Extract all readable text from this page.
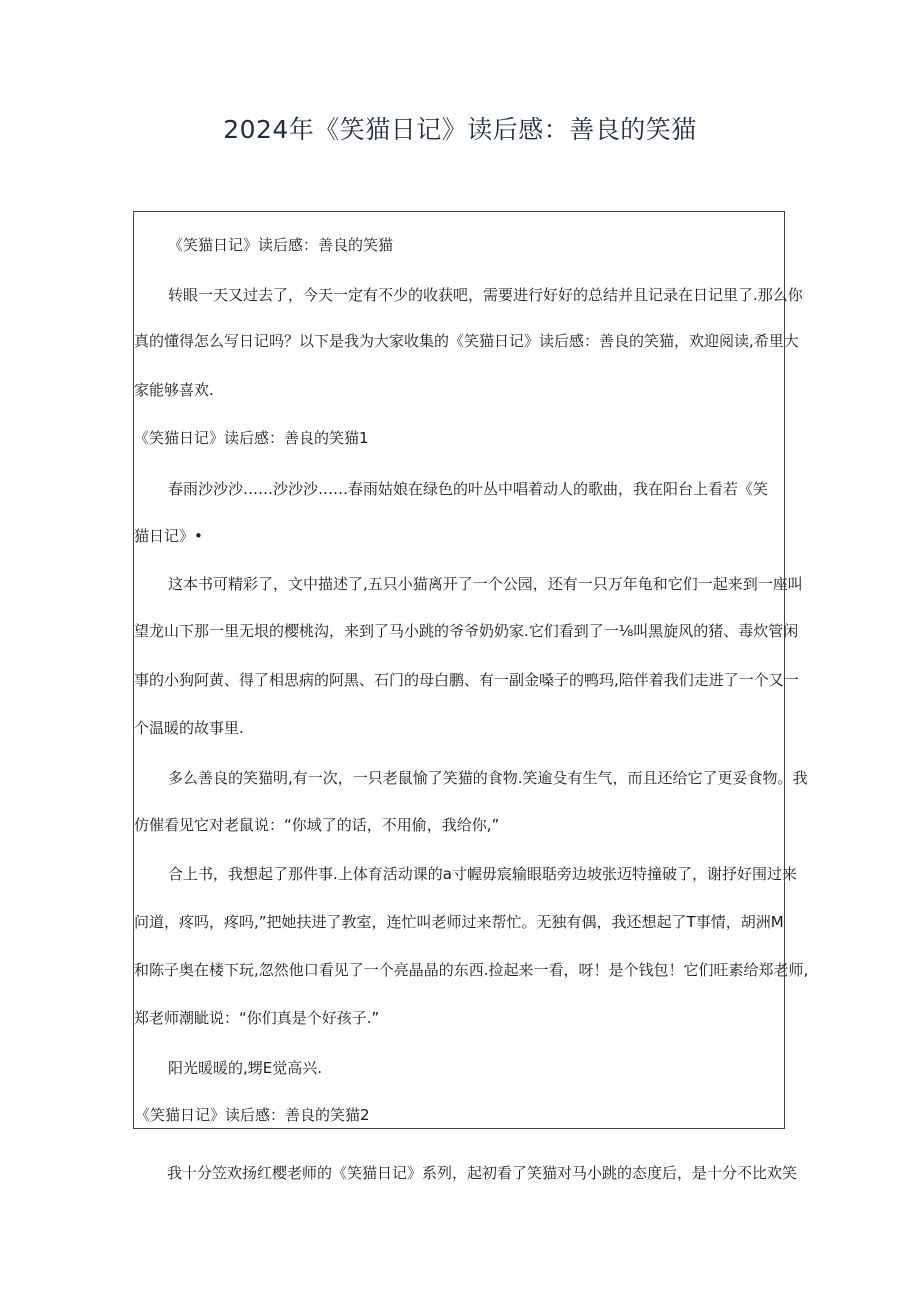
2024年《笑猫日记》读后感：善良的笑猫
《笑猫日记》读后感：善良的笑猫
转眼一天又过去了，今天一定有不少的收获吧，需要进行好好的总结并且记录在日记里了.那么你
真的懂得怎么写日记吗？以下是我为大家收集的《笑猫日记》读后感：善良的笑猫，欢迎阅读,希里大
家能够喜欢.
《笑猫日记》读后感：善良的笑猫1
春雨沙沙沙……沙沙沙……春雨姑娘在绿色的叶丛中唱着动人的歌曲，我在阳台上看若《笑
猫日记》•
这本书可精彩了，文中描述了,五只小猫离开了一个公园，还有一只万年龟和它们一起来到一座叫
望龙山下那一里无垠的樱桃沟，来到了马小跳的爷爷奶奶家.它们看到了一⅛叫黑旋风的猪、毒炊管闲
事的小狗阿黄、得了相思病的阿黑、石门的母白鹏、有一副金嗓子的鸭玛,陪伴着我们走进了一个又一
个温暖的故事里.
多么善良的笑猫明,有一次，一只老鼠愉了笑猫的食物.笑逾殳有生气，而且还给它了更妥食物。我
仿催看见它对老鼠说：“你域了的话，不用偷，我给你,”
合上书，我想起了那件事.上体育活动课的a寸幄毋宸输眼聒旁边坡张迈特撞破了，谢抒好围过来
问道，疼吗，疼吗,”把她扶进了教室，连忙叫老师过来帮忙。无独有偶，我还想起了T事情，胡洲M
和陈子奥在楼下玩,忽然他口看见了一个亮晶晶的东西.捡起来一看，呀！是个钱包！它们旺素给郑老师,
郑老师潮眦说：“你们真是个好孩子.”
阳光暖暖的,甥E觉高兴.
《笑猫日记》读后感：善良的笑猫2
我十分笠欢扬红樱老师的《笑猫日记》系列，起初看了笑猫对马小跳的态度后，是十分不比欢笑
